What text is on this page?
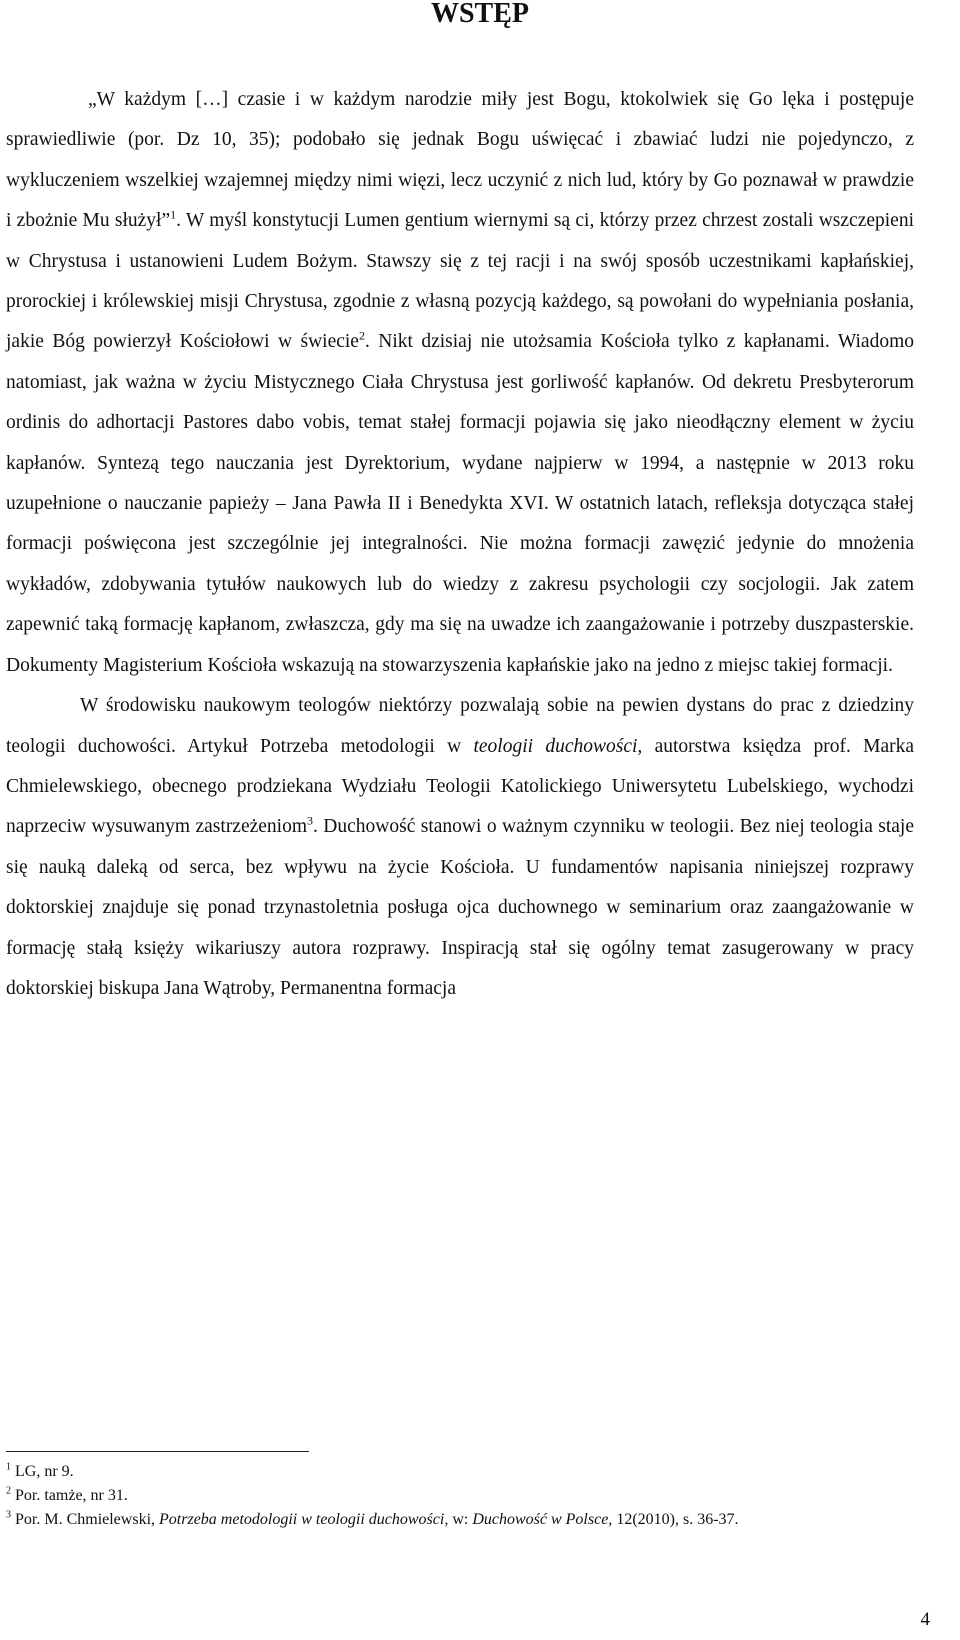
WSTĘP

„W każdym […] czasie i w każdym narodzie miły jest Bogu, ktokolwiek się Go lęka i postępuje sprawiedliwie (por. Dz 10, 35); podobało się jednak Bogu uświęcać i zbawiać ludzi nie pojedynczo, z wykluczeniem wszelkiej wzajemnej między nimi więzi, lecz uczynić z nich lud, który by Go poznawał w prawdzie i zbożnie Mu służył”$^1$. W myśl konstytucji Lumen gentium wiernymi są ci, którzy przez chrzest zostali wszczepieni w Chrystusa i ustanowieni Ludem Bożym. Stawszy się z tej racji i na swój sposób uczestnikami kapłańskiej, prorockiej i królewskiej misji Chrystusa, zgodnie z własną pozycją każdego, są powołani do wypełniania posłania, jakie Bóg powierzył Kościołowi w świecie$^2$. Nikt dzisiaj nie utożsamia Kościoła tylko z kapłanami. Wiadomo natomiast, jak ważna w życiu Mistycznego Ciała Chrystusa jest gorliwość kapłanów. Od dekretu Presbyterorum ordinis do adhortacji Pastores dabo vobis, temat stałej formacji pojawia się jako nieodłączny element w życiu kapłanów. Syntezą tego nauczania jest Dyrektorium, wydane najpierw w 1994, a następnie w 2013 roku uzupełnione o nauczanie papieży – Jana Pawła II i Benedykta XVI. W ostatnich latach, refleksja dotycząca stałej formacji poświęcona jest szczególnie jej integralności. Nie można formacji zawęzić jedynie do mnożenia wykładów, zdobywania tytułów naukowych lub do wiedzy z zakresu psychologii czy socjologii. Jak zatem zapewnić taką formację kapłanom, zwłaszcza, gdy ma się na uwadze ich zaangażowanie i potrzeby duszpasterskie. Dokumenty Magisterium Kościoła wskazują na stowarzyszenia kapłańskie jako na jedno z miejsc takiej formacji.

W środowisku naukowym teologów niektórzy pozwalają sobie na pewien dystans do prac z dziedziny teologii duchowości. Artykuł Potrzeba metodologii w teologii duchowości, autorstwa księdza prof. Marka Chmielewskiego, obecnego prodziekana Wydziału Teologii Katolickiego Uniwersytetu Lubelskiego, wychodzi naprzeciw wysuwanym zastrzeżeniom$^3$. Duchowość stanowi o ważnym czynniku w teologii. Bez niej teologia staje się nauką daleką od serca, bez wpływu na życie Kościoła. U fundamentów napisania niniejszej rozprawy doktorskiej znajduje się ponad trzynastoletnia posługa ojca duchownego w seminarium oraz zaangażowanie w formację stałą księży wikariuszy autora rozprawy. Inspiracją stał się ogólny temat zasugerowany w pracy doktorskiej biskupa Jana Wątroby, Permanentna formacja

$^1$ LG, nr 9.

$^2$ Por. tamże, nr 31.

$^3$ Por. M. Chmielewski, Potrzeba metodologii w teologii duchowości, w: Duchowość w Polsce, 12(2010), s. 36-37.

4
